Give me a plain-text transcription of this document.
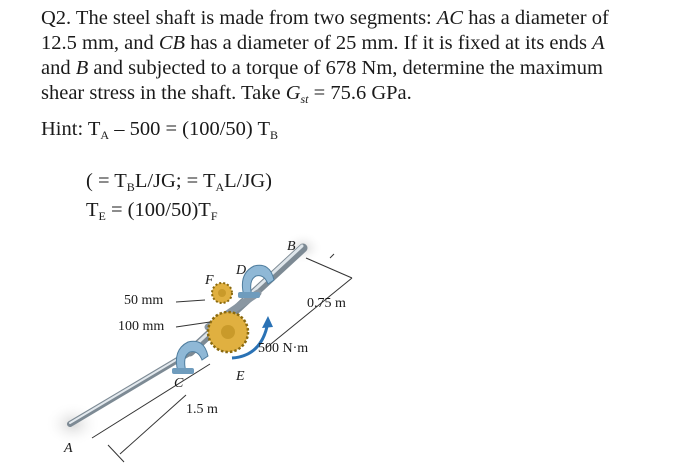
Q2. The steel shaft is made from two segments: AC has a diameter of
12.5 mm, and CB has a diameter of 25 mm. If it is fixed at its ends A
and B and subjected to a torque of 678 Nm, determine the maximum
shear stress in the shaft. Take $G_{st} = 75.6$ GPa.
Hint: $T_A - 500 = (100/50)$ $T_B$
( = $T_BL/JG$; = $T_AL/JG$)
$T_E = (100/50)T_F$
50 mm
100 mm
0.75 m
500 N·m
1.5 m
A
B
C
D
E
F
